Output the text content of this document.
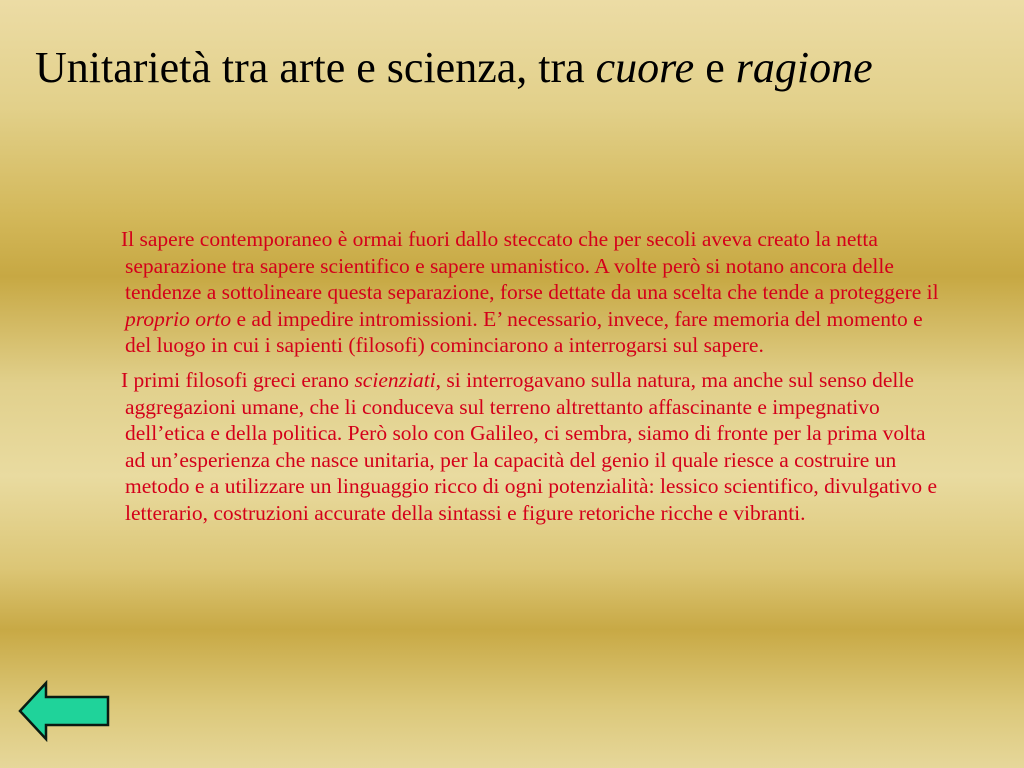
Unitarietà tra arte e scienza, tra cuore e ragione

Il sapere contemporaneo è ormai fuori dallo steccato che per secoli aveva creato la netta separazione tra sapere scientifico e sapere umanistico. A volte però si notano ancora delle tendenze a sottolineare questa separazione, forse dettate da una scelta che tende a proteggere il proprio orto e ad impedire intromissioni. E’ necessario, invece, fare memoria del momento e del luogo in cui i sapienti (filosofi) cominciarono a interrogarsi sul sapere.

I primi filosofi greci erano scienziati, si interrogavano sulla natura, ma anche sul senso delle aggregazioni umane, che li conduceva sul terreno altrettanto affascinante e impegnativo dell’etica e della politica. Però solo con Galileo, ci sembra, siamo di fronte per la prima volta ad un’esperienza che nasce unitaria, per la capacità del genio il quale riesce a costruire un metodo e a utilizzare un linguaggio ricco di ogni potenzialità: lessico scientifico, divulgativo e letterario, costruzioni accurate della sintassi e figure retoriche ricche e vibranti.
